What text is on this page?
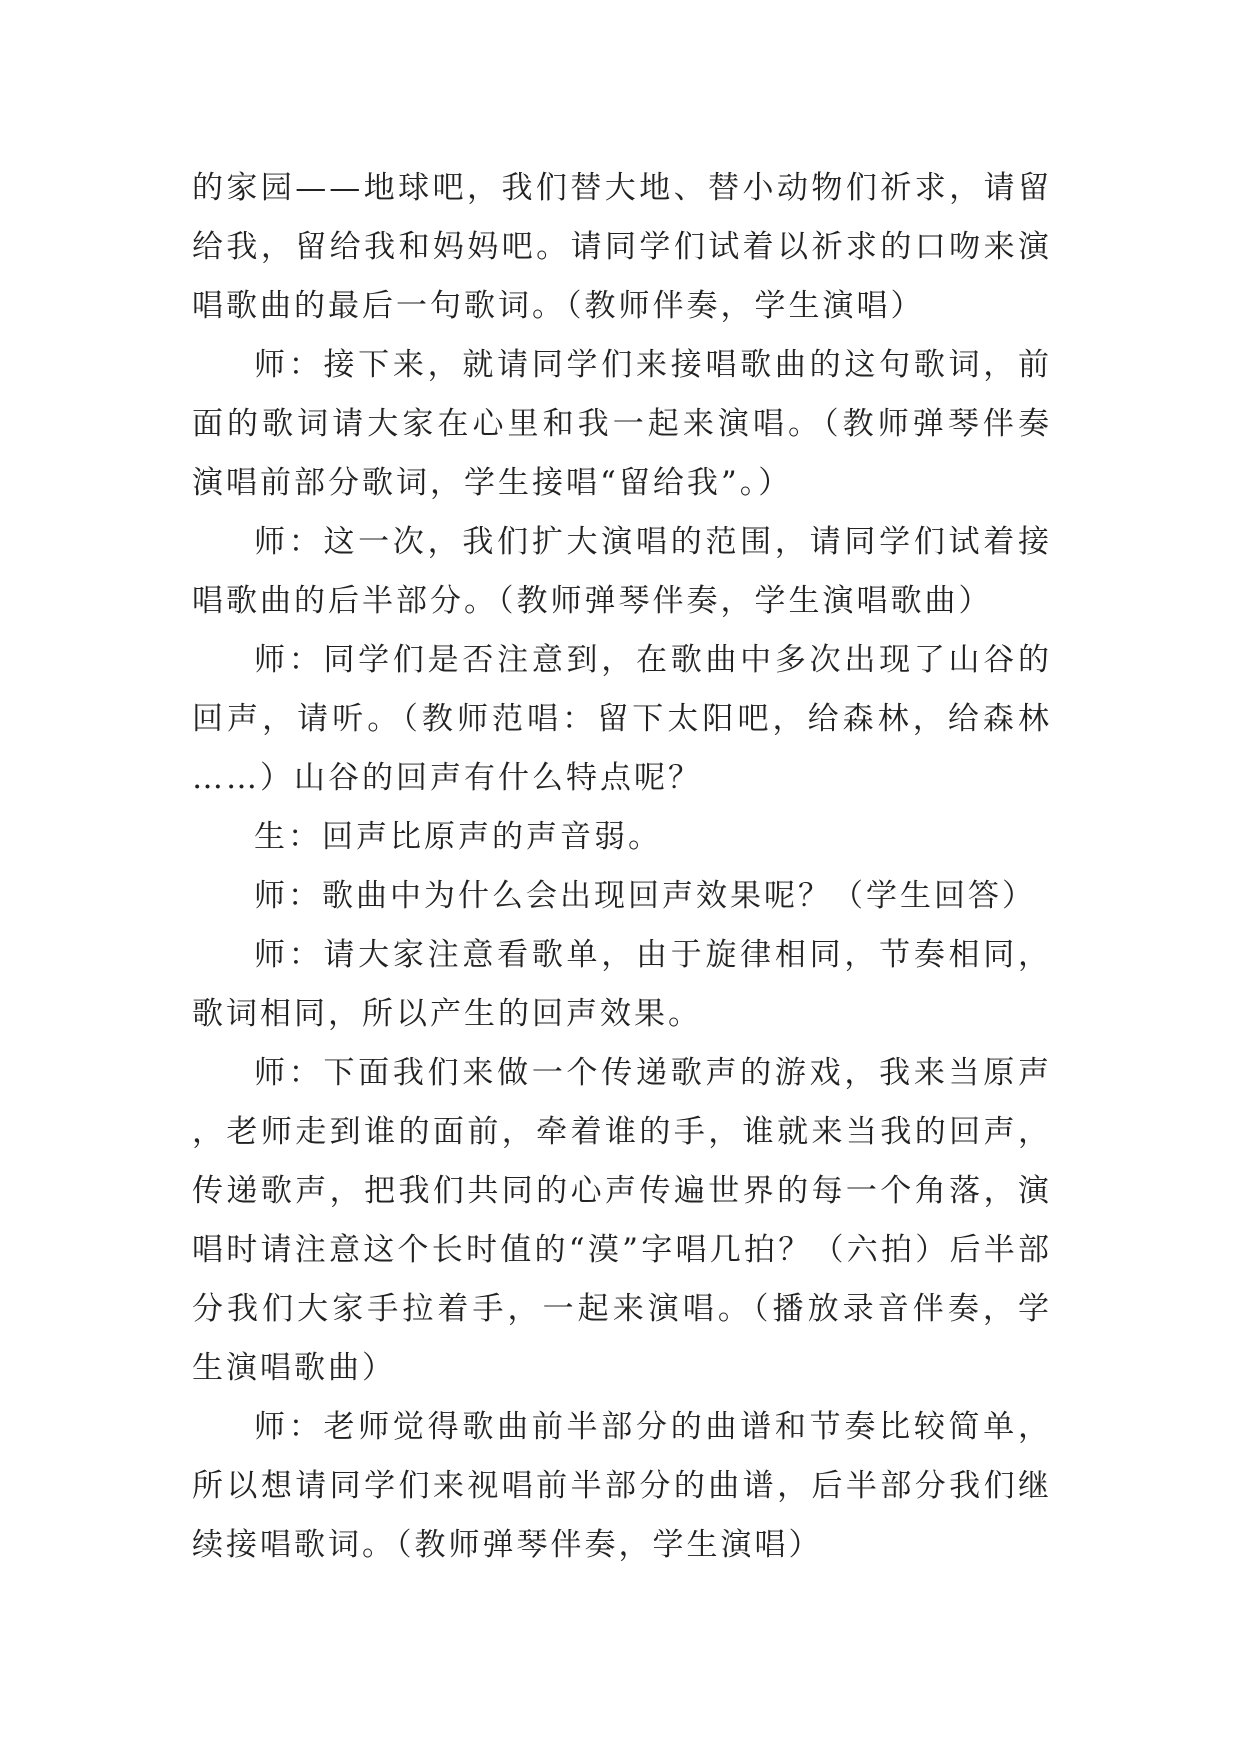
的家园——地球吧，我们替大地、替小动物们祈求，请留给我，留给我和妈妈吧。请同学们试着以祈求的口吻来演唱歌曲的最后一句歌词。（教师伴奏，学生演唱）

师：接下来，就请同学们来接唱歌曲的这句歌词，前面的歌词请大家在心里和我一起来演唱。（教师弹琴伴奏演唱前部分歌词，学生接唱“留给我”。）

师：这一次，我们扩大演唱的范围，请同学们试着接唱歌曲的后半部分。（教师弹琴伴奏，学生演唱歌曲）

师：同学们是否注意到，在歌曲中多次出现了山谷的回声，请听。（教师范唱：留下太阳吧，给森林，给森林……）山谷的回声有什么特点呢？

生：回声比原声的声音弱。

师：歌曲中为什么会出现回声效果呢？（学生回答）

师：请大家注意看歌单，由于旋律相同，节奏相同，歌词相同，所以产生的回声效果。

师：下面我们来做一个传递歌声的游戏，我来当原声，老师走到谁的面前，牵着谁的手，谁就来当我的回声，传递歌声，把我们共同的心声传遍世界的每一个角落，演唱时请注意这个长时值的“漠”字唱几拍？（六拍）后半部分我们大家手拉着手，一起来演唱。（播放录音伴奏，学生演唱歌曲）

师：老师觉得歌曲前半部分的曲谱和节奏比较简单，所以想请同学们来视唱前半部分的曲谱，后半部分我们继续接唱歌词。（教师弹琴伴奏，学生演唱）
